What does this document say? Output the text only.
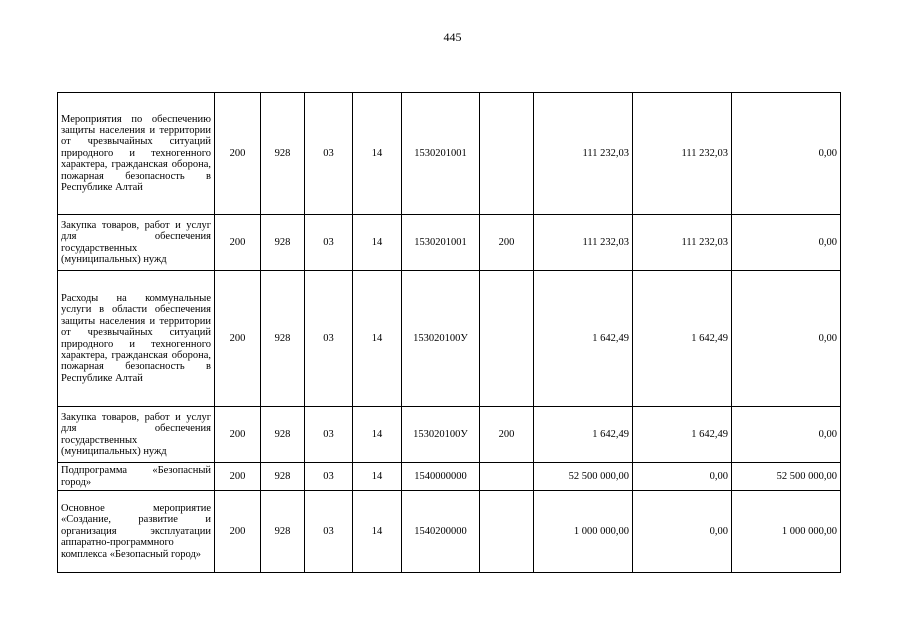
445
Мероприятия по обеспечению защиты населения и территории от чрезвычайных ситуаций природного и техногенного характера, гражданская оборона, пожарная безопасность в Республике Алтай	200	928	03	14	1530201001		111 232,03	111 232,03	0,00
Закупка товаров, работ и услуг для обеспечения государственных (муниципальных) нужд	200	928	03	14	1530201001	200	111 232,03	111 232,03	0,00
Расходы на коммунальные услуги в области обеспечения защиты населения и территории от чрезвычайных ситуаций природного и техногенного характера, гражданская оборона, пожарная безопасность в Республике Алтай	200	928	03	14	153020100У		1 642,49	1 642,49	0,00
Закупка товаров, работ и услуг для обеспечения государственных (муниципальных) нужд	200	928	03	14	153020100У	200	1 642,49	1 642,49	0,00
Подпрограмма «Безопасный город»	200	928	03	14	1540000000		52 500 000,00	0,00	52 500 000,00
Основное мероприятие «Создание, развитие и организация эксплуатации аппаратно-программного комплекса «Безопасный город»	200	928	03	14	1540200000		1 000 000,00	0,00	1 000 000,00
